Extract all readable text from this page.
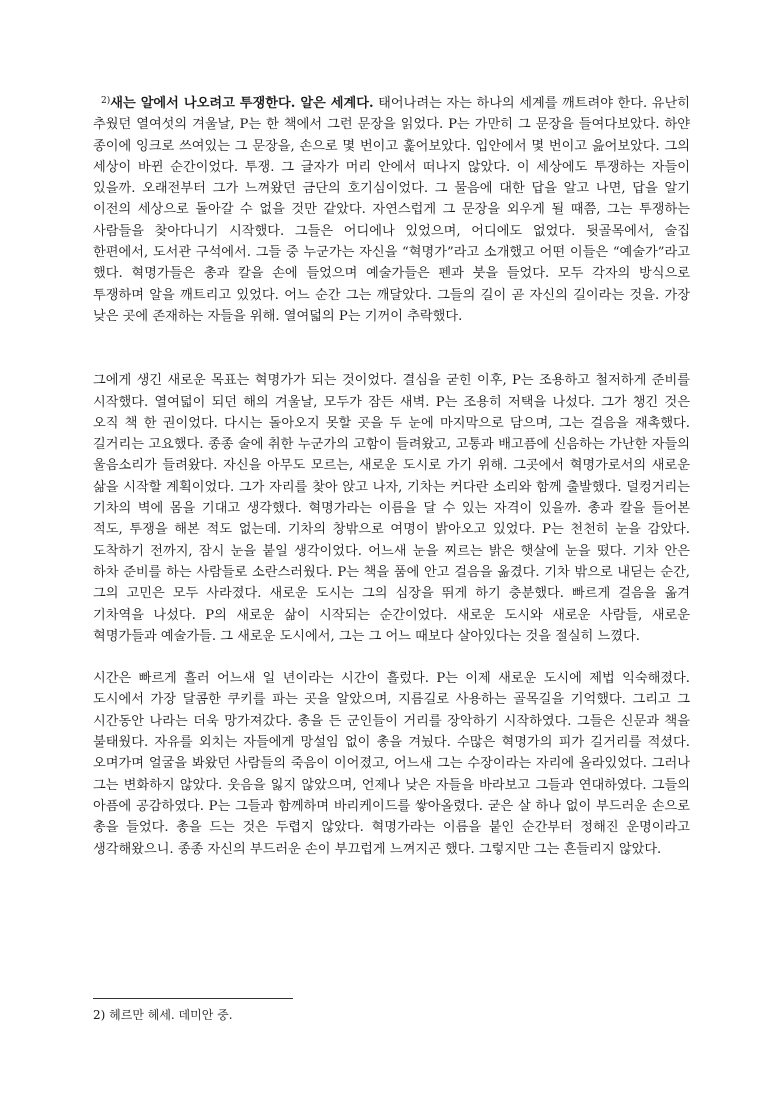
$^{2)}$새는 알에서 나오려고 투쟁한다. 알은 세계다. 태어나려는 자는 하나의 세계를 깨트려야 한다. 유난히 추웠던 열여섯의 겨울날, P는 한 책에서 그런 문장을 읽었다. P는 가만히 그 문장을 들여다보았다. 하얀 종이에 잉크로 쓰여있는 그 문장을, 손으로 몇 번이고 훑어보았다. 입안에서 몇 번이고 읊어보았다. 그의 세상이 바뀐 순간이었다. 투쟁. 그 글자가 머리 안에서 떠나지 않았다. 이 세상에도 투쟁하는 자들이 있을까. 오래전부터 그가 느껴왔던 금단의 호기심이었다. 그 물음에 대한 답을 알고 나면, 답을 알기 이전의 세상으로 돌아갈 수 없을 것만 같았다. 자연스럽게 그 문장을 외우게 될 때쯤, 그는 투쟁하는 사람들을 찾아다니기 시작했다. 그들은 어디에나 있었으며, 어디에도 없었다. 뒷골목에서, 술집 한편에서, 도서관 구석에서. 그들 중 누군가는 자신을 “혁명가”라고 소개했고 어떤 이들은 “예술가”라고 했다. 혁명가들은 총과 칼을 손에 들었으며 예술가들은 펜과 붓을 들었다. 모두 각자의 방식으로 투쟁하며 알을 깨트리고 있었다. 어느 순간 그는 깨달았다. 그들의 길이 곧 자신의 길이라는 것을. 가장 낮은 곳에 존재하는 자들을 위해. 열여덟의 P는 기꺼이 추락했다.

그에게 생긴 새로운 목표는 혁명가가 되는 것이었다. 결심을 굳힌 이후, P는 조용하고 철저하게 준비를 시작했다. 열여덟이 되던 해의 겨울날, 모두가 잠든 새벽. P는 조용히 저택을 나섰다. 그가 챙긴 것은 오직 책 한 권이었다. 다시는 돌아오지 못할 곳을 두 눈에 마지막으로 담으며, 그는 걸음을 재촉했다. 길거리는 고요했다. 종종 술에 취한 누군가의 고함이 들려왔고, 고통과 배고픔에 신음하는 가난한 자들의 울음소리가 들려왔다. 자신을 아무도 모르는, 새로운 도시로 가기 위해. 그곳에서 혁명가로서의 새로운 삶을 시작할 계획이었다. 그가 자리를 찾아 앉고 나자, 기차는 커다란 소리와 함께 출발했다. 덜컹거리는 기차의 벽에 몸을 기대고 생각했다. 혁명가라는 이름을 달 수 있는 자격이 있을까. 총과 칼을 들어본 적도, 투쟁을 해본 적도 없는데. 기차의 창밖으로 여명이 밝아오고 있었다. P는 천천히 눈을 감았다. 도착하기 전까지, 잠시 눈을 붙일 생각이었다. 어느새 눈을 찌르는 밝은 햇살에 눈을 떴다. 기차 안은 하차 준비를 하는 사람들로 소란스러웠다. P는 책을 품에 안고 걸음을 옮겼다. 기차 밖으로 내딛는 순간, 그의 고민은 모두 사라졌다. 새로운 도시는 그의 심장을 뛰게 하기 충분했다. 빠르게 걸음을 옮겨 기차역을 나섰다. P의 새로운 삶이 시작되는 순간이었다. 새로운 도시와 새로운 사람들, 새로운 혁명가들과 예술가들. 그 새로운 도시에서, 그는 그 어느 때보다 살아있다는 것을 절실히 느꼈다.

시간은 빠르게 흘러 어느새 일 년이라는 시간이 흘렀다. P는 이제 새로운 도시에 제법 익숙해졌다. 도시에서 가장 달콤한 쿠키를 파는 곳을 알았으며, 지름길로 사용하는 골목길을 기억했다. 그리고 그 시간동안 나라는 더욱 망가져갔다. 총을 든 군인들이 거리를 장악하기 시작하였다. 그들은 신문과 책을 불태웠다. 자유를 외치는 자들에게 망설임 없이 총을 겨눴다. 수많은 혁명가의 피가 길거리를 적셨다. 오며가며 얼굴을 봐왔던 사람들의 죽음이 이어졌고, 어느새 그는 수장이라는 자리에 올라있었다. 그러나 그는 변화하지 않았다. 웃음을 잃지 않았으며, 언제나 낮은 자들을 바라보고 그들과 연대하였다. 그들의 아픔에 공감하였다. P는 그들과 함께하며 바리케이드를 쌓아올렸다. 굳은 살 하나 없이 부드러운 손으로 총을 들었다. 총을 드는 것은 두렵지 않았다. 혁명가라는 이름을 붙인 순간부터 정해진 운명이라고 생각해왔으니. 종종 자신의 부드러운 손이 부끄럽게 느껴지곤 했다. 그렇지만 그는 흔들리지 않았다.

2) 헤르만 헤세. 데미안 중.
